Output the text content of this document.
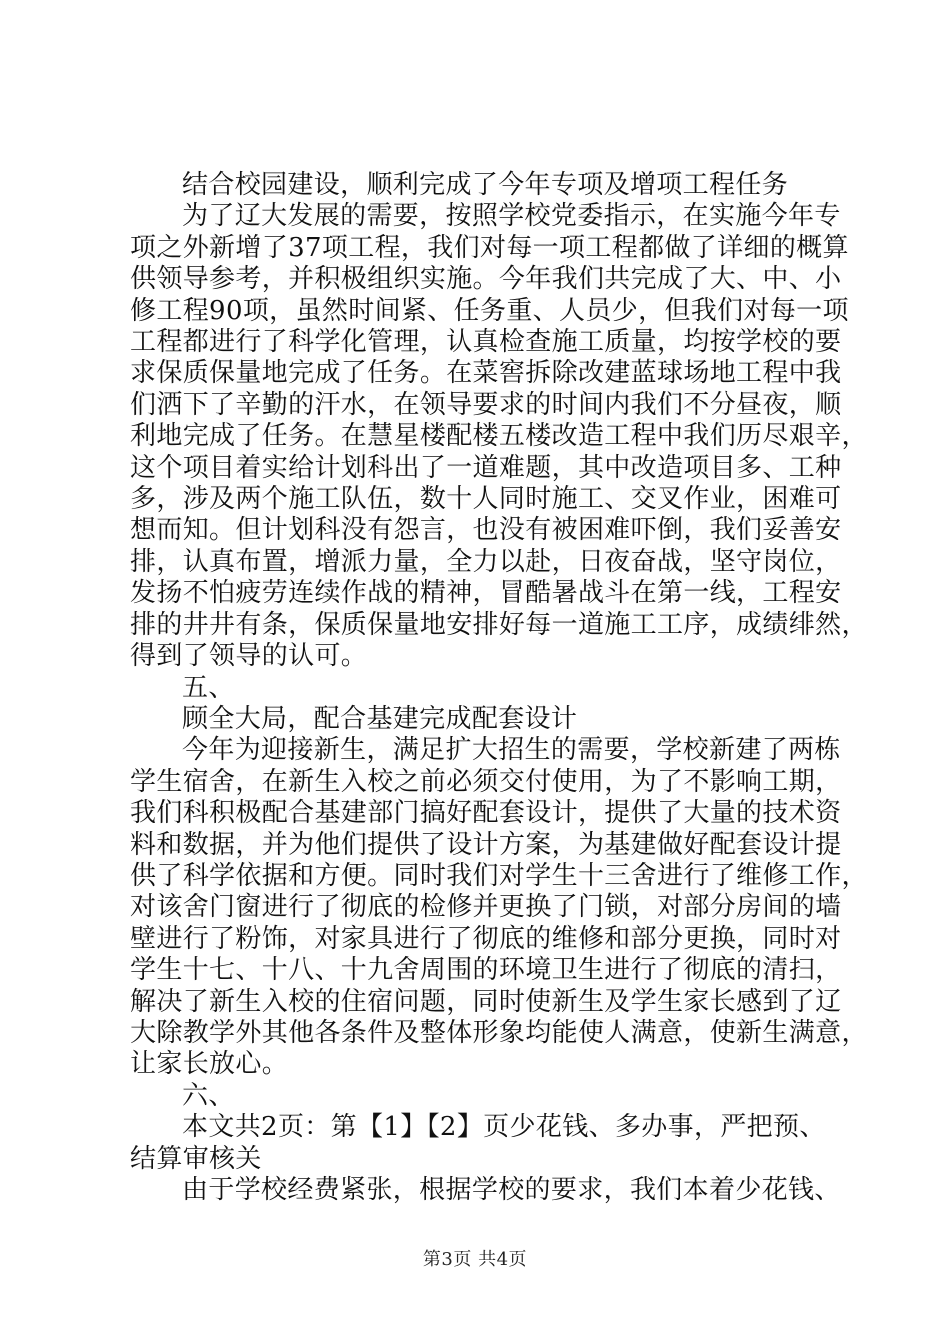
结合校园建设，顺利完成了今年专项及增项工程任务

为了辽大发展的需要，按照学校党委指示，在实施今年专

项之外新增了37项工程，我们对每一项工程都做了详细的概算

供领导参考，并积极组织实施。今年我们共完成了大、中、小

修工程90项，虽然时间紧、任务重、人员少，但我们对每一项

工程都进行了科学化管理，认真检查施工质量，均按学校的要

求保质保量地完成了任务。在菜窖拆除改建蓝球场地工程中我

们洒下了辛勤的汗水，在领导要求的时间内我们不分昼夜，顺

利地完成了任务。在慧星楼配楼五楼改造工程中我们历尽艰辛，

这个项目着实给计划科出了一道难题，其中改造项目多、工种

多，涉及两个施工队伍，数十人同时施工、交叉作业，困难可

想而知。但计划科没有怨言，也没有被困难吓倒，我们妥善安

排，认真布置，增派力量，全力以赴，日夜奋战，坚守岗位，

发扬不怕疲劳连续作战的精神，冒酷暑战斗在第一线，工程安

排的井井有条，保质保量地安排好每一道施工工序，成绩绯然，

得到了领导的认可。

五、

顾全大局，配合基建完成配套设计

今年为迎接新生，满足扩大招生的需要，学校新建了两栋

学生宿舍，在新生入校之前必须交付使用，为了不影响工期，

我们科积极配合基建部门搞好配套设计，提供了大量的技术资

料和数据，并为他们提供了设计方案，为基建做好配套设计提

供了科学依据和方便。同时我们对学生十三舍进行了维修工作，

对该舍门窗进行了彻底的检修并更换了门锁，对部分房间的墙

壁进行了粉饰，对家具进行了彻底的维修和部分更换，同时对

学生十七、十八、十九舍周围的环境卫生进行了彻底的清扫，

解决了新生入校的住宿问题，同时使新生及学生家长感到了辽

大除教学外其他各条件及整体形象均能使人满意，使新生满意，

让家长放心。

六、

本文共2页：第【1】【2】页少花钱、多办事，严把预、

结算审核关

由于学校经费紧张，根据学校的要求，我们本着少花钱、

第3页 共4页
